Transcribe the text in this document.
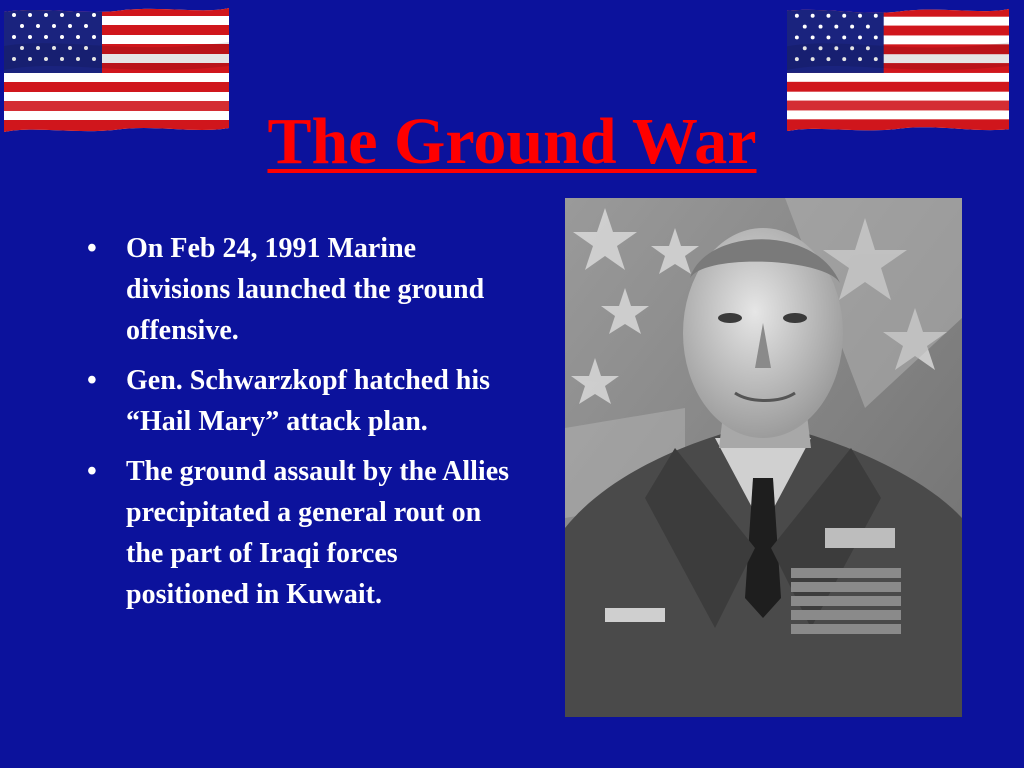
The Ground War
• On Feb 24, 1991 Marine divisions launched the ground offensive.
• Gen. Schwarzkopf hatched his “Hail Mary” attack plan.
• The ground assault by the Allies precipitated a general rout on the part of Iraqi forces positioned in Kuwait.
